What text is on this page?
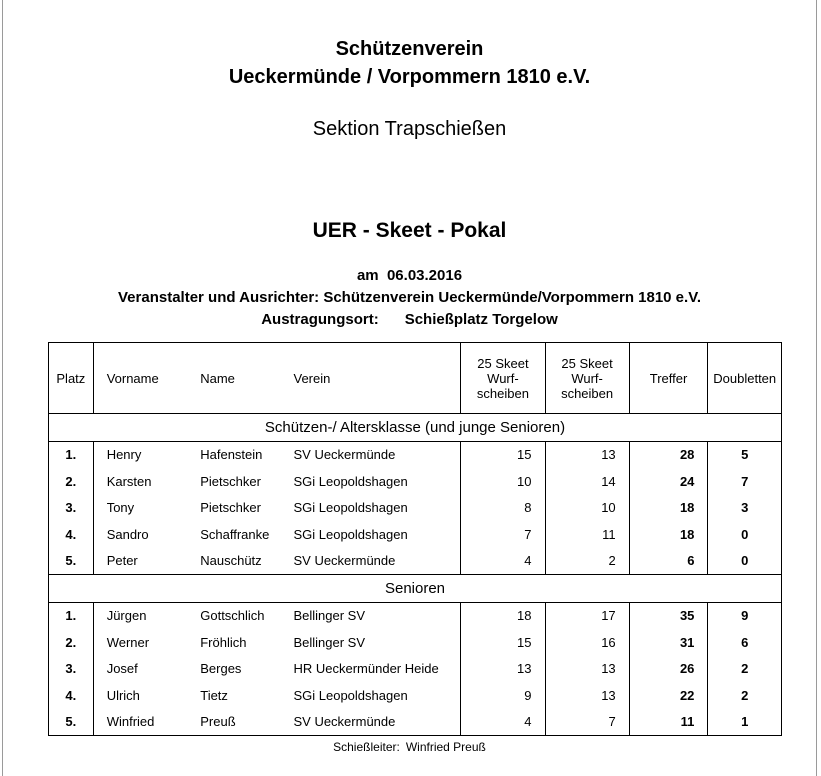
Schützenverein
Ueckermünde / Vorpommern 1810 e.V.
Sektion Trapschießen
UER - Skeet - Pokal
am 06.03.2016
Veranstalter und Ausrichter: Schützenverein Ueckermünde/Vorpommern 1810 e.V.
Austragungsort: Schießplatz Torgelow
Platz	Vorname	Name	Verein	25 Skeet
Wurf-
scheiben	25 Skeet
Wurf-
scheiben	Treffer	Doubletten
Schützen-/ Altersklasse (und junge Senioren)							
1.	Henry	Hafenstein	SV Ueckermünde	15	13	28	5
2.	Karsten	Pietschker	SGi Leopoldshagen	10	14	24	7
3.	Tony	Pietschker	SGi Leopoldshagen	8	10	18	3
4.	Sandro	Schaffranke	SGi Leopoldshagen	7	11	18	0
5.	Peter	Nauschütz	SV Ueckermünde	4	2	6	0
Senioren							
1.	Jürgen	Gottschlich	Bellinger SV	18	17	35	9
2.	Werner	Fröhlich	Bellinger SV	15	16	31	6
3.	Josef	Berges	HR Ueckermünder Heide	13	13	26	2
4.	Ulrich	Tietz	SGi Leopoldshagen	9	13	22	2
5.	Winfried	Preuß	SV Ueckermünde	4	7	11	1
Schießleiter: Winfried Preuß
